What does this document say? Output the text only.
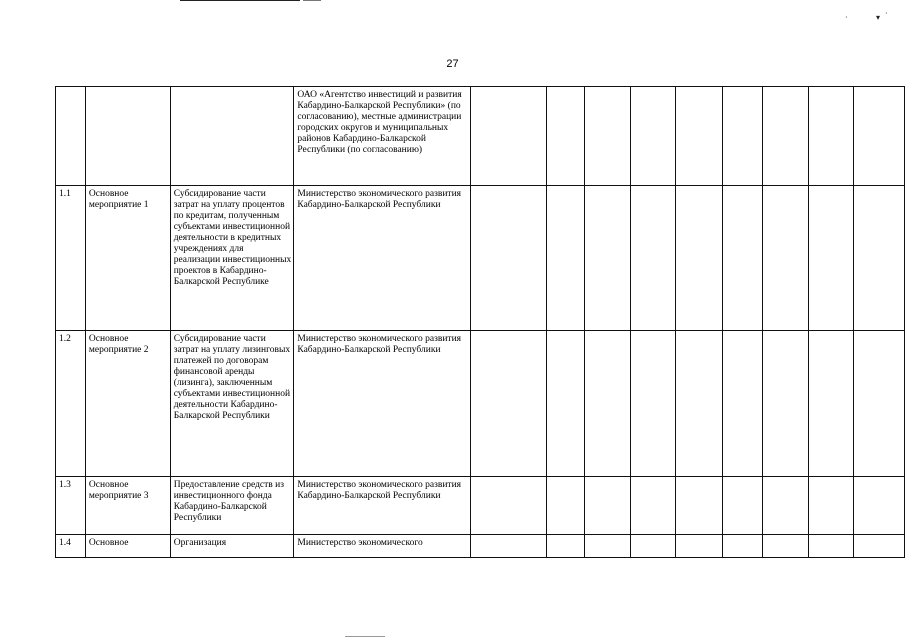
·	▾ ·
27
			ОАО «Агентство инвестиций и развития Кабардино-Балкарской Республики» (по согласованию), местные администрации городских округов и муниципальных районов Кабардино-Балкарской Республики (по согласованию)									
1.1	Основное мероприятие 1	Субсидирование части затрат на уплату процентов по кредитам, полученным субъектами инвестиционной деятельности в кредитных учреждениях для реализации инвестиционных проектов в Кабардино-Балкарской Республике	Министерство экономического развития Кабардино-Балкарской Республики									
1.2	Основное мероприятие 2	Субсидирование части затрат на уплату лизинговых платежей по договорам финансовой аренды (лизинга), заключенным субъектами инвестиционной деятельности Кабардино-Балкарской Республики	Министерство экономического развития Кабардино-Балкарской Республики									
1.3	Основное мероприятие 3	Предоставление средств из инвестиционного фонда Кабардино-Балкарской Республики	Министерство экономического развития Кабардино-Балкарской Республики									
1.4	Основное	Организация	Министерство экономического									
